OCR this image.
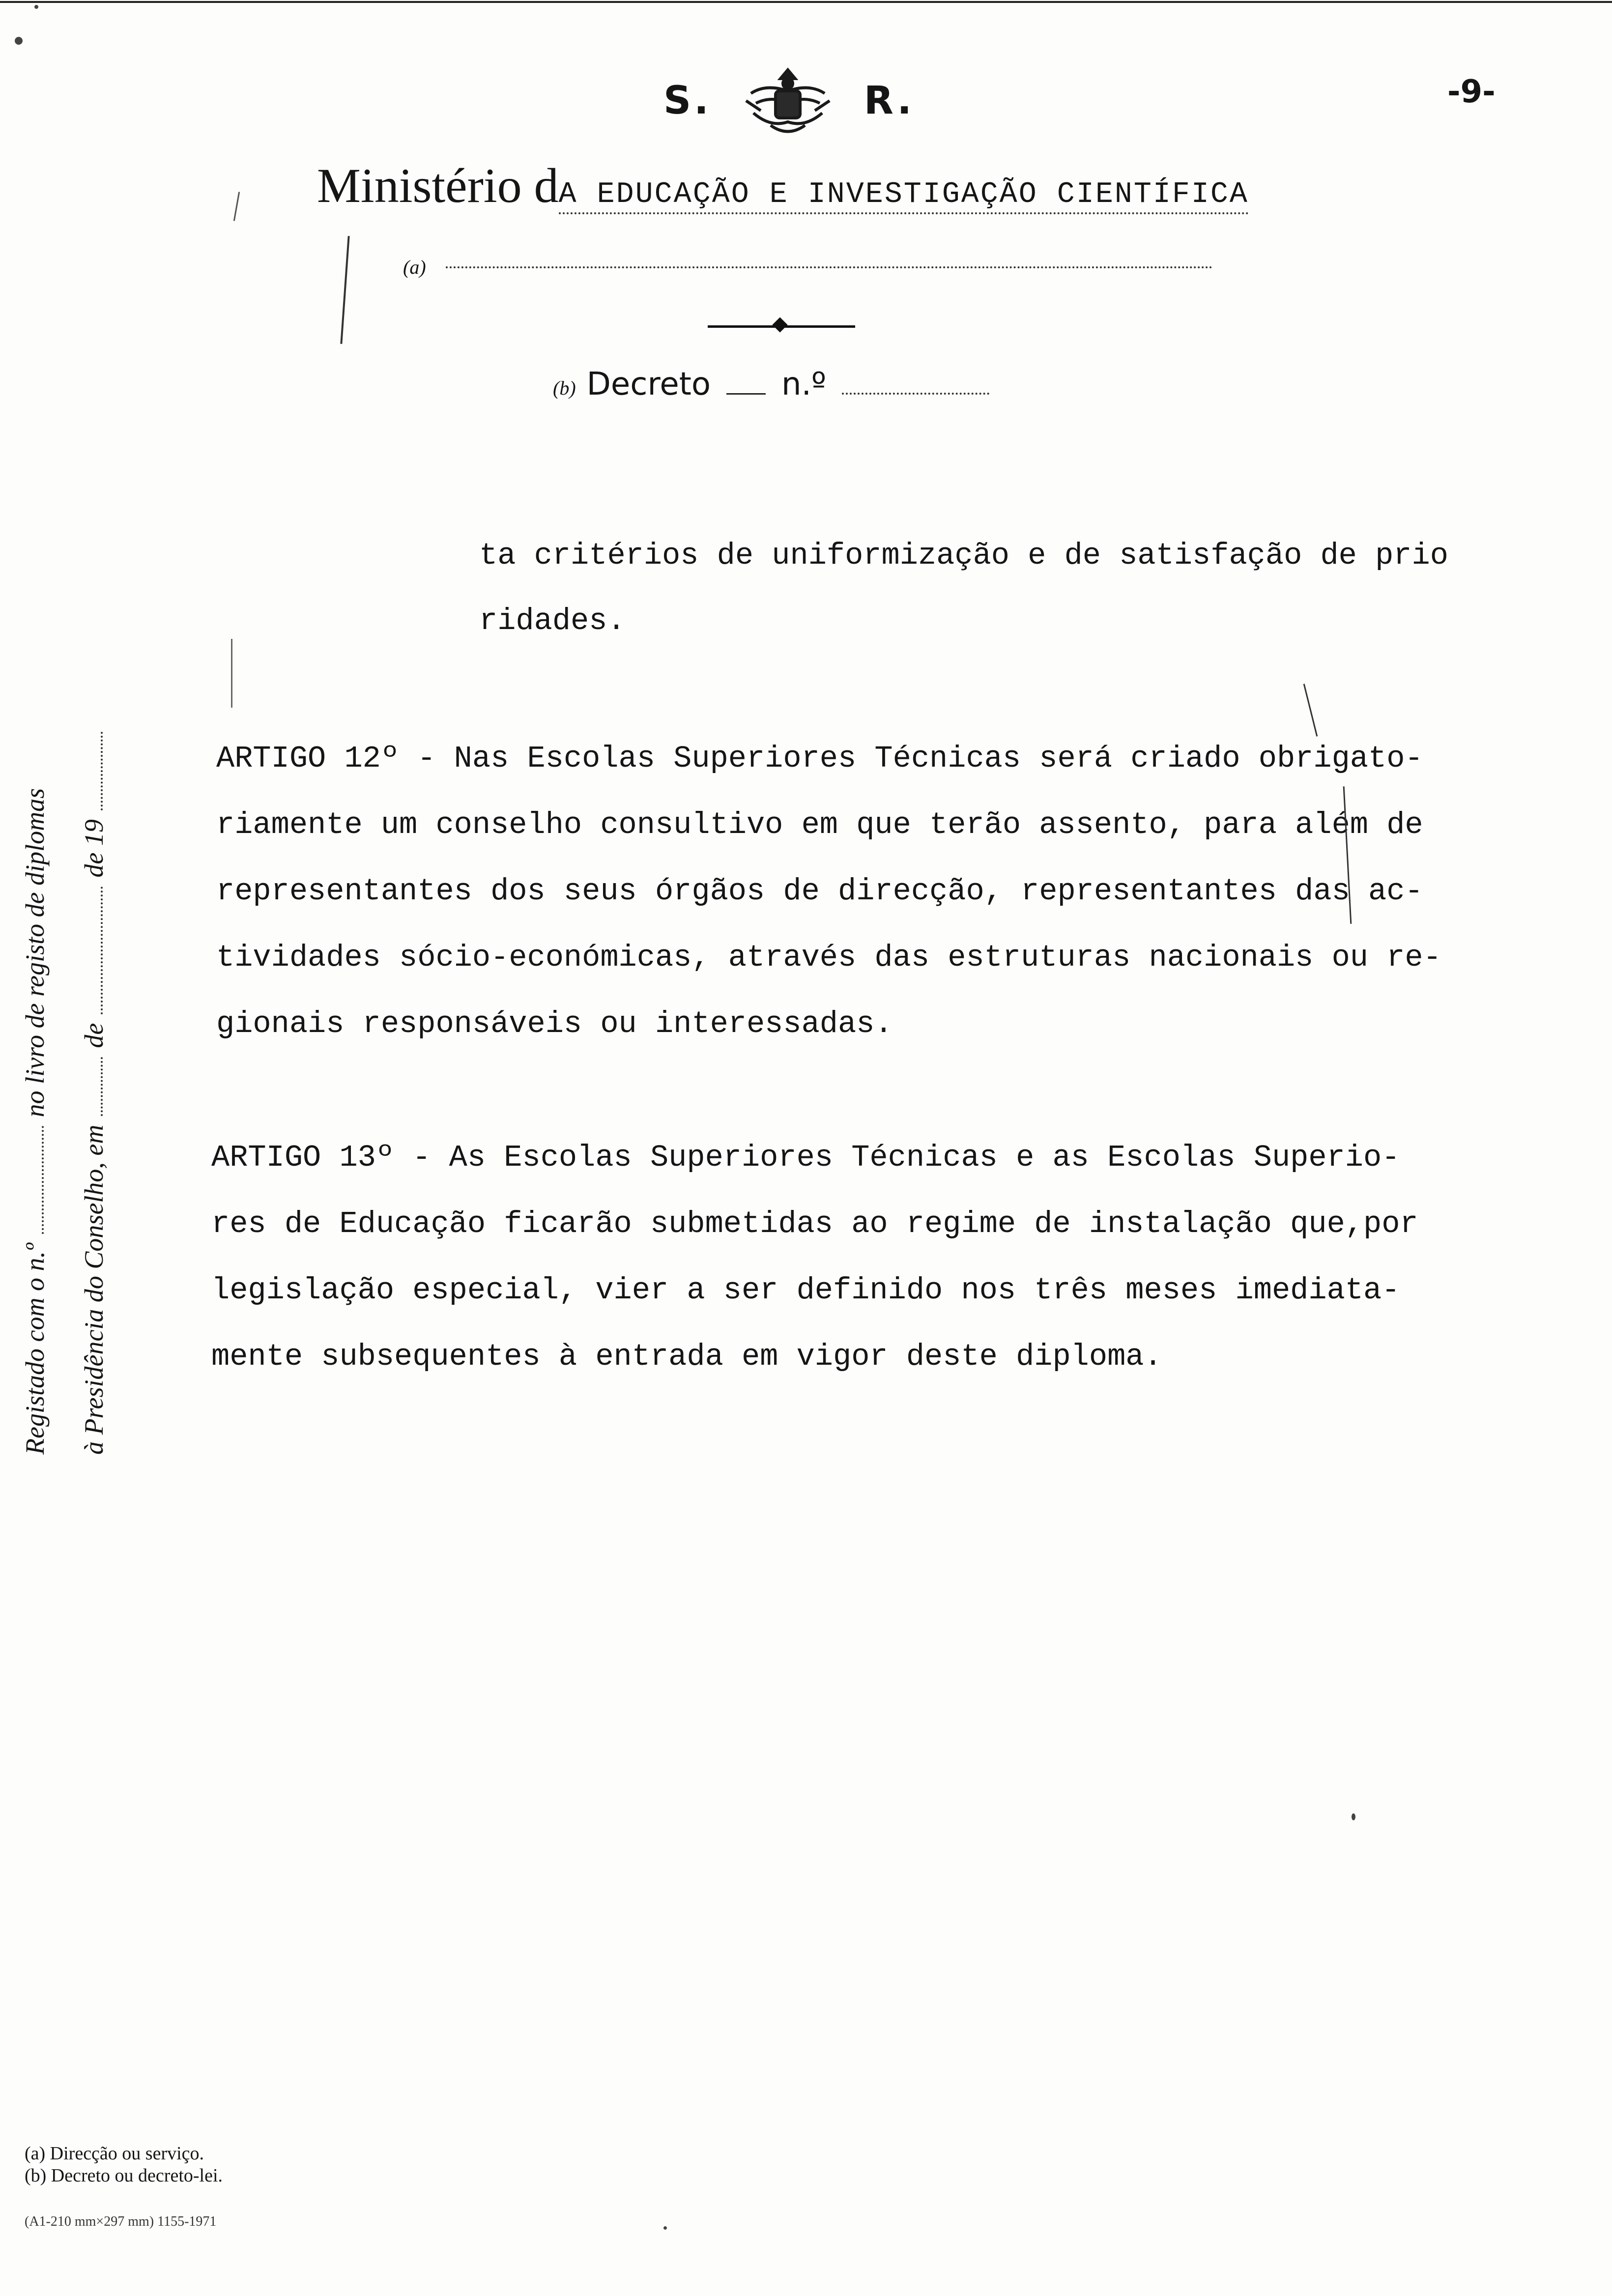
S.	R.	-9-
Ministério d A EDUCAÇÃO E INVESTIGAÇÃO CIENTÍFICA
(a)
(b) Decreto n.º
ta critérios de uniformização e de satisfação de prio
ridades.
ARTIGO 12º - Nas Escolas Superiores Técnicas será criado obrigato-
riamente um conselho consultivo em que terão assento, para além de
representantes dos seus órgãos de direcção, representantes das ac-
tividades sócio-económicas, através das estruturas nacionais ou re-
gionais responsáveis ou interessadas.
ARTIGO 13º - As Escolas Superiores Técnicas e as Escolas Superio-
res de Educação ficarão submetidas ao regime de instalação que,por
legislação especial, vier a ser definido nos três meses imediata-
mente subsequentes à entrada em vigor deste diploma.
Registado com o n.º
no livro de registo de diplomas
à Presidência do Conselho, em
de
de 19
(a) Direcção ou serviço.
(b) Decreto ou decreto-lei.
(A1-210 mm×297 mm) 1155-1971
